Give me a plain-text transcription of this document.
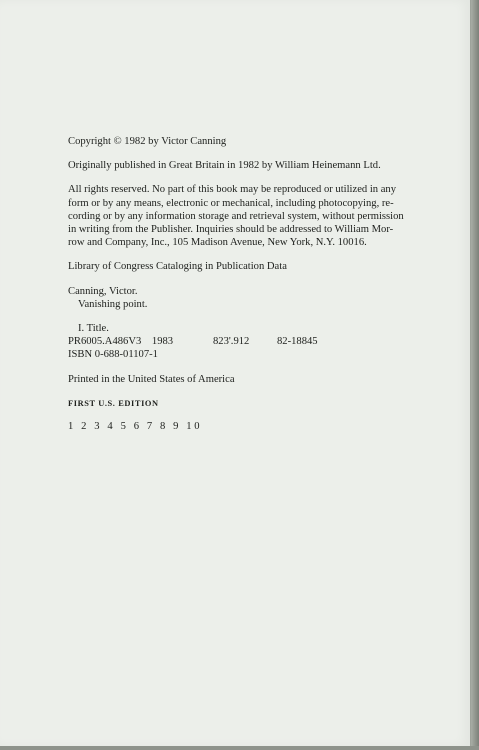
Copyright © 1982 by Victor Canning

Originally published in Great Britain in 1982 by William Heinemann Ltd.

All rights reserved. No part of this book may be reproduced or utilized in any

form or by any means, electronic or mechanical, including photocopying, re-

cording or by any information storage and retrieval system, without permission

in writing from the Publisher. Inquiries should be addressed to William Mor-

row and Company, Inc., 105 Madison Avenue, New York, N.Y. 10016.

Library of Congress Cataloging in Publication Data

Canning, Victor.

Vanishing point.

I. Title.

PR6005.A486V3 1983	823'.912	82-18845

ISBN 0-688-01107-1

Printed in the United States of America

FIRST U.S. EDITION

1 2 3 4 5 6 7 8 9 10
